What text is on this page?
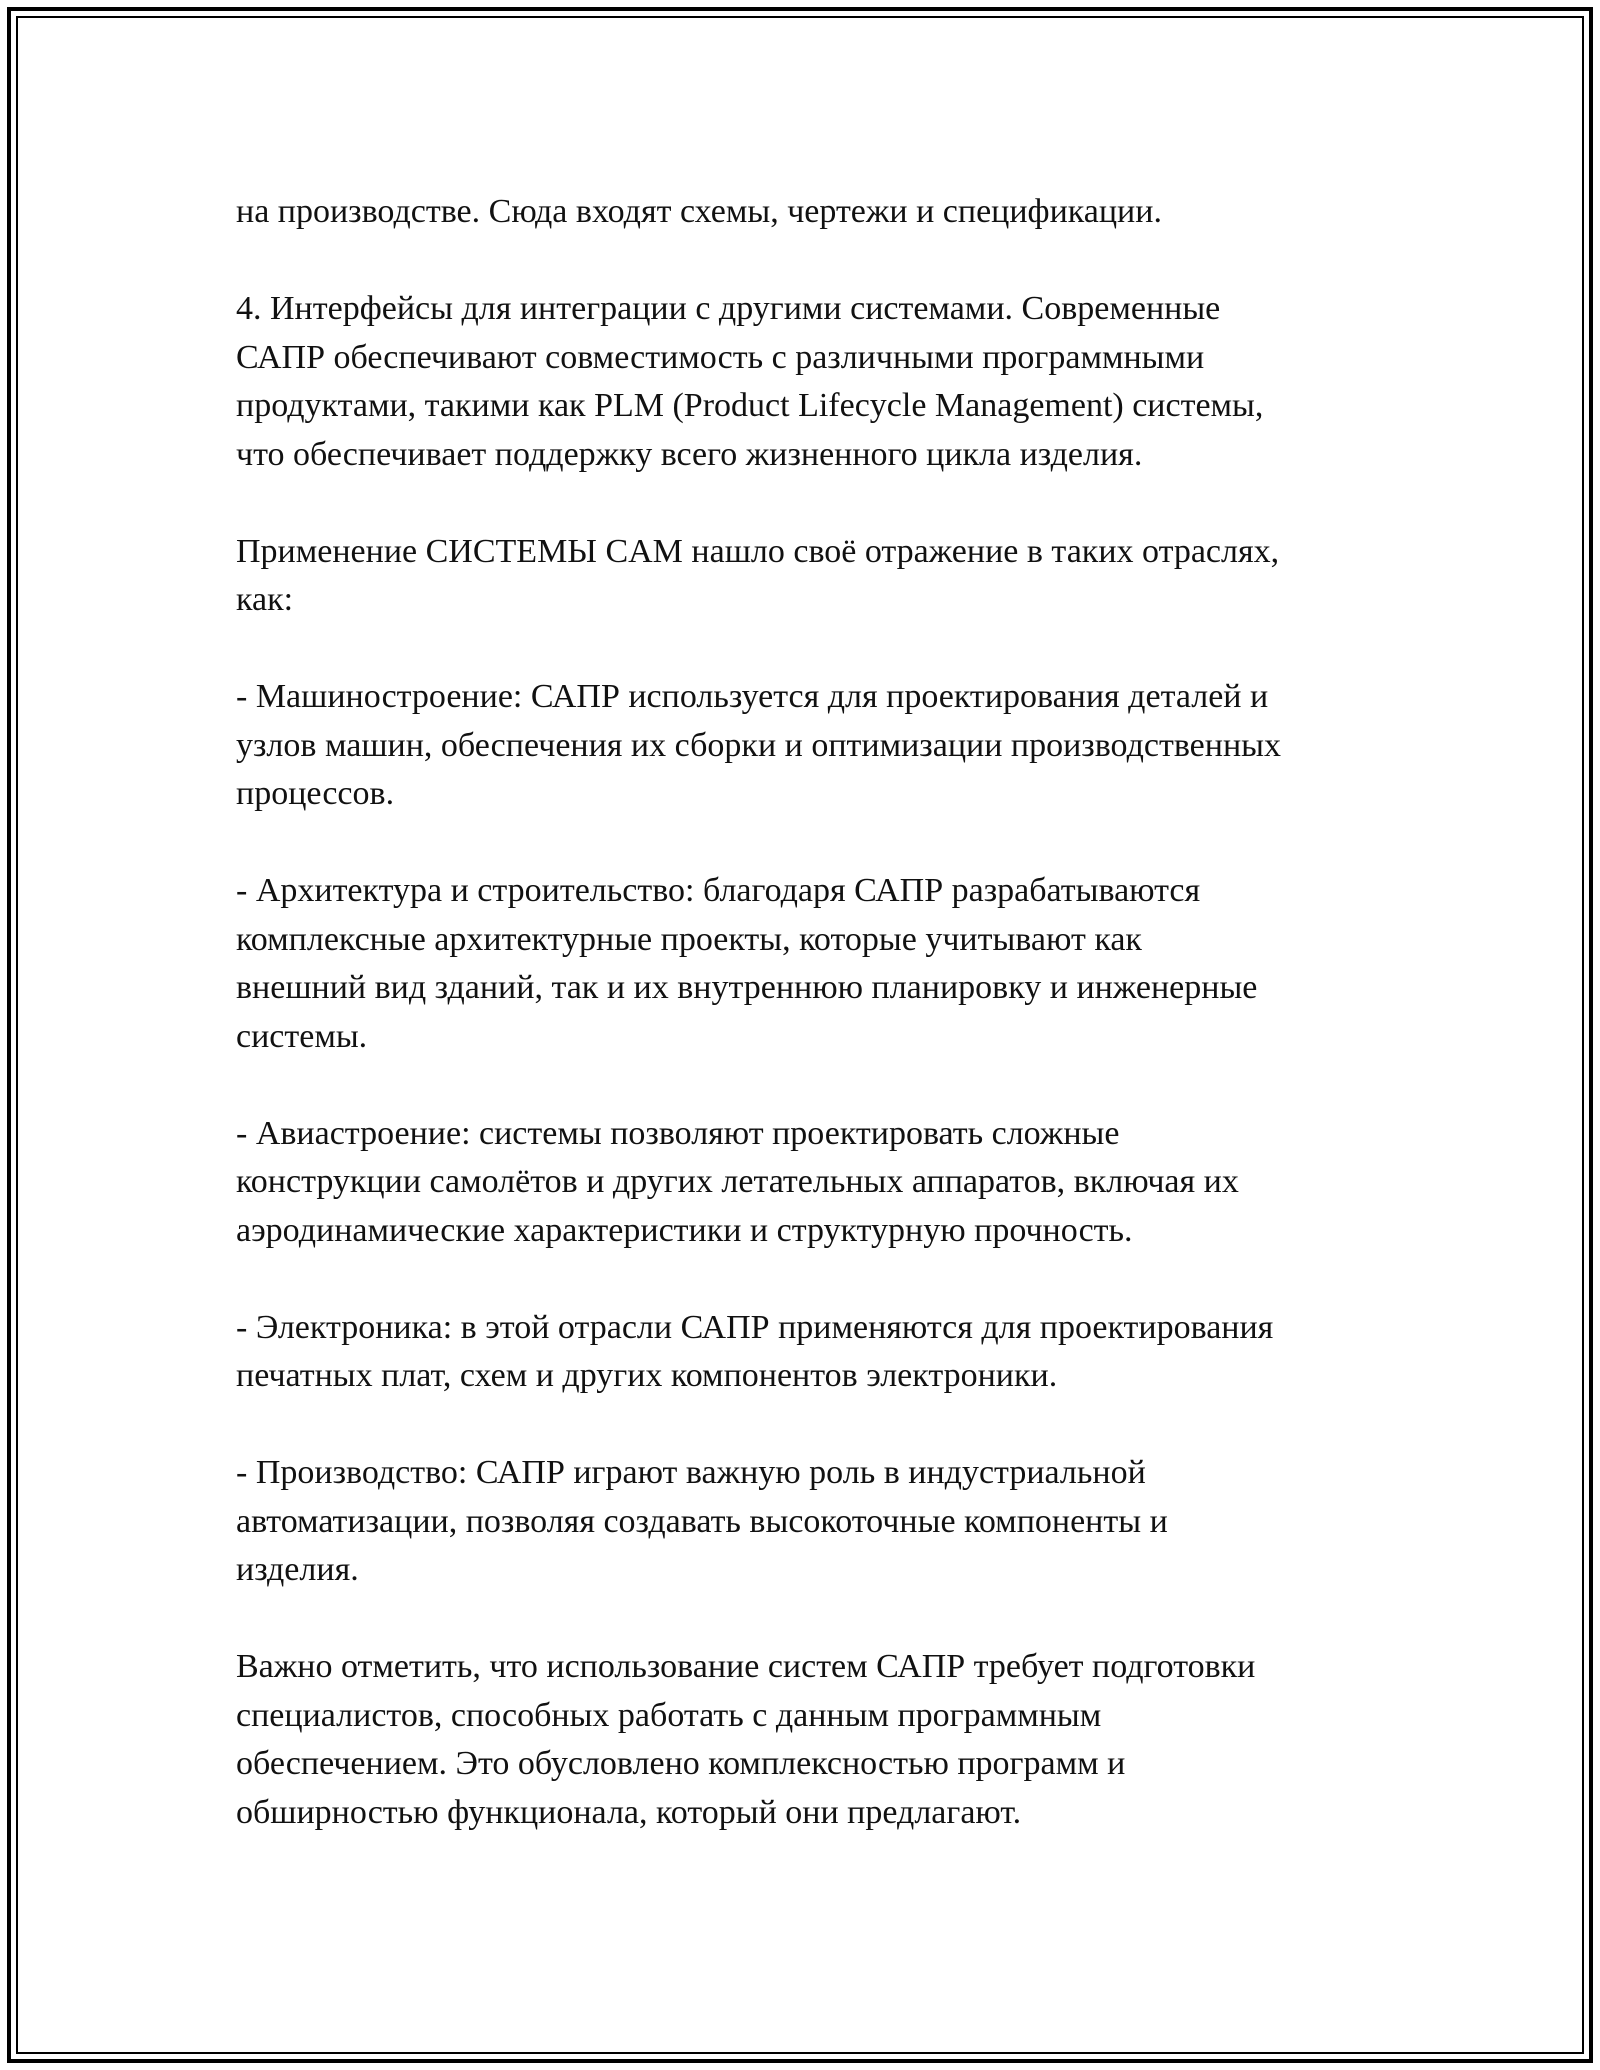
на производстве. Сюда входят схемы, чертежи и спецификации.

4. Интерфейсы для интеграции с другими системами. Современные
САПР обеспечивают совместимость с различными программными
продуктами, такими как PLM (Product Lifecycle Management) системы,
что обеспечивает поддержку всего жизненного цикла изделия.

Применение СИСТЕМЫ CAM нашло своё отражение в таких отраслях,
как:

- Машиностроение: САПР используется для проектирования деталей и
узлов машин, обеспечения их сборки и оптимизации производственных
процессов.

- Архитектура и строительство: благодаря САПР разрабатываются
комплексные архитектурные проекты, которые учитывают как
внешний вид зданий, так и их внутреннюю планировку и инженерные
системы.

- Авиастроение: системы позволяют проектировать сложные
конструкции самолётов и других летательных аппаратов, включая их
аэродинамические характеристики и структурную прочность.

- Электроника: в этой отрасли САПР применяются для проектирования
печатных плат, схем и других компонентов электроники.

- Производство: САПР играют важную роль в индустриальной
автоматизации, позволяя создавать высокоточные компоненты и
изделия.

Важно отметить, что использование систем САПР требует подготовки
специалистов, способных работать с данным программным
обеспечением. Это обусловлено комплексностью программ и
обширностью функционала, который они предлагают.
